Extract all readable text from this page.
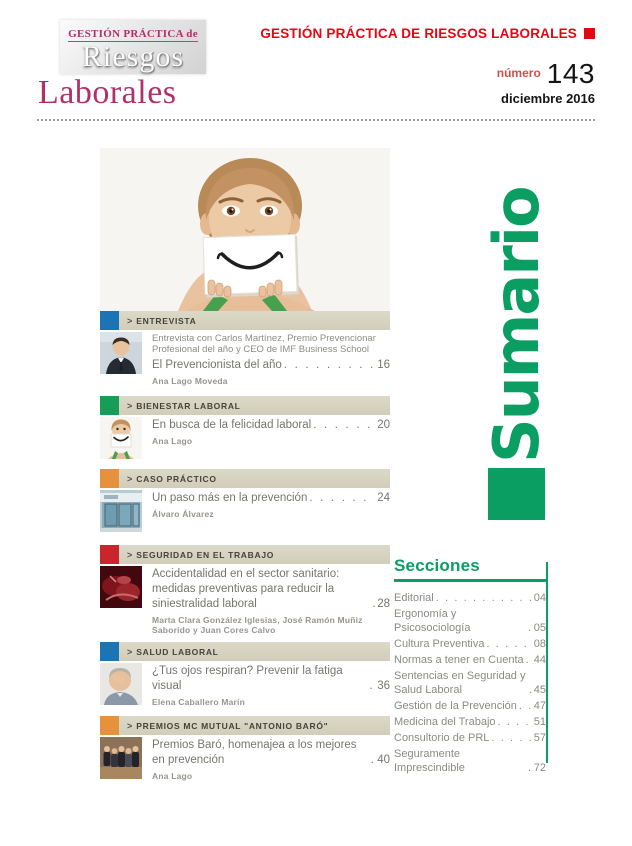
GESTIÓN PRÁCTICA de
Riesgos
Laborales
GESTIÓN PRÁCTICA DE RIESGOS LABORALES
$^{número}$ 143
diciembre 2016
> ENTREVISTA
Entrevista con Carlos Martínez, Premio Prevencionar Profesional del año y CEO de IMF Business School
El Prevencionista del año . . .	16
Ana Lago Moveda
> BIENESTAR LABORAL
En busca de la felicidad laboral . . .	20
Ana Lago
> CASO PRÁCTICO
Un paso más en la prevención . . .	24
Álvaro Álvarez
> SEGURIDAD EN EL TRABAJO
Accidentalidad en el sector sanitario: medidas preventivas para reducir la siniestralidad laboral . . .	28
Marta Clara González Iglesias, José Ramón Muñiz Saborido y Juan Cores Calvo
> SALUD LABORAL
¿Tus ojos respiran? Prevenir la fatiga visual . . .	36
Elena Caballero Marín
> PREMIOS MC MUTUAL "ANTONIO BARÓ"
Premios Baró, homenajea a los mejores en prevención . . .	40
Ana Lago
Sumario
Secciones
Editorial . . .	04
Ergonomía y Psicosociología . . .	05
Cultura Preventiva . . .	08
Normas a tener en Cuenta . . . 44
Sentencias en Seguridad y Salud Laboral . . .	45
Gestión de la Prevención . . . 47
Medicina del Trabajo . . .	51
Consultorio de PRL . . .	57
Seguramente Imprescindible . . .	72
